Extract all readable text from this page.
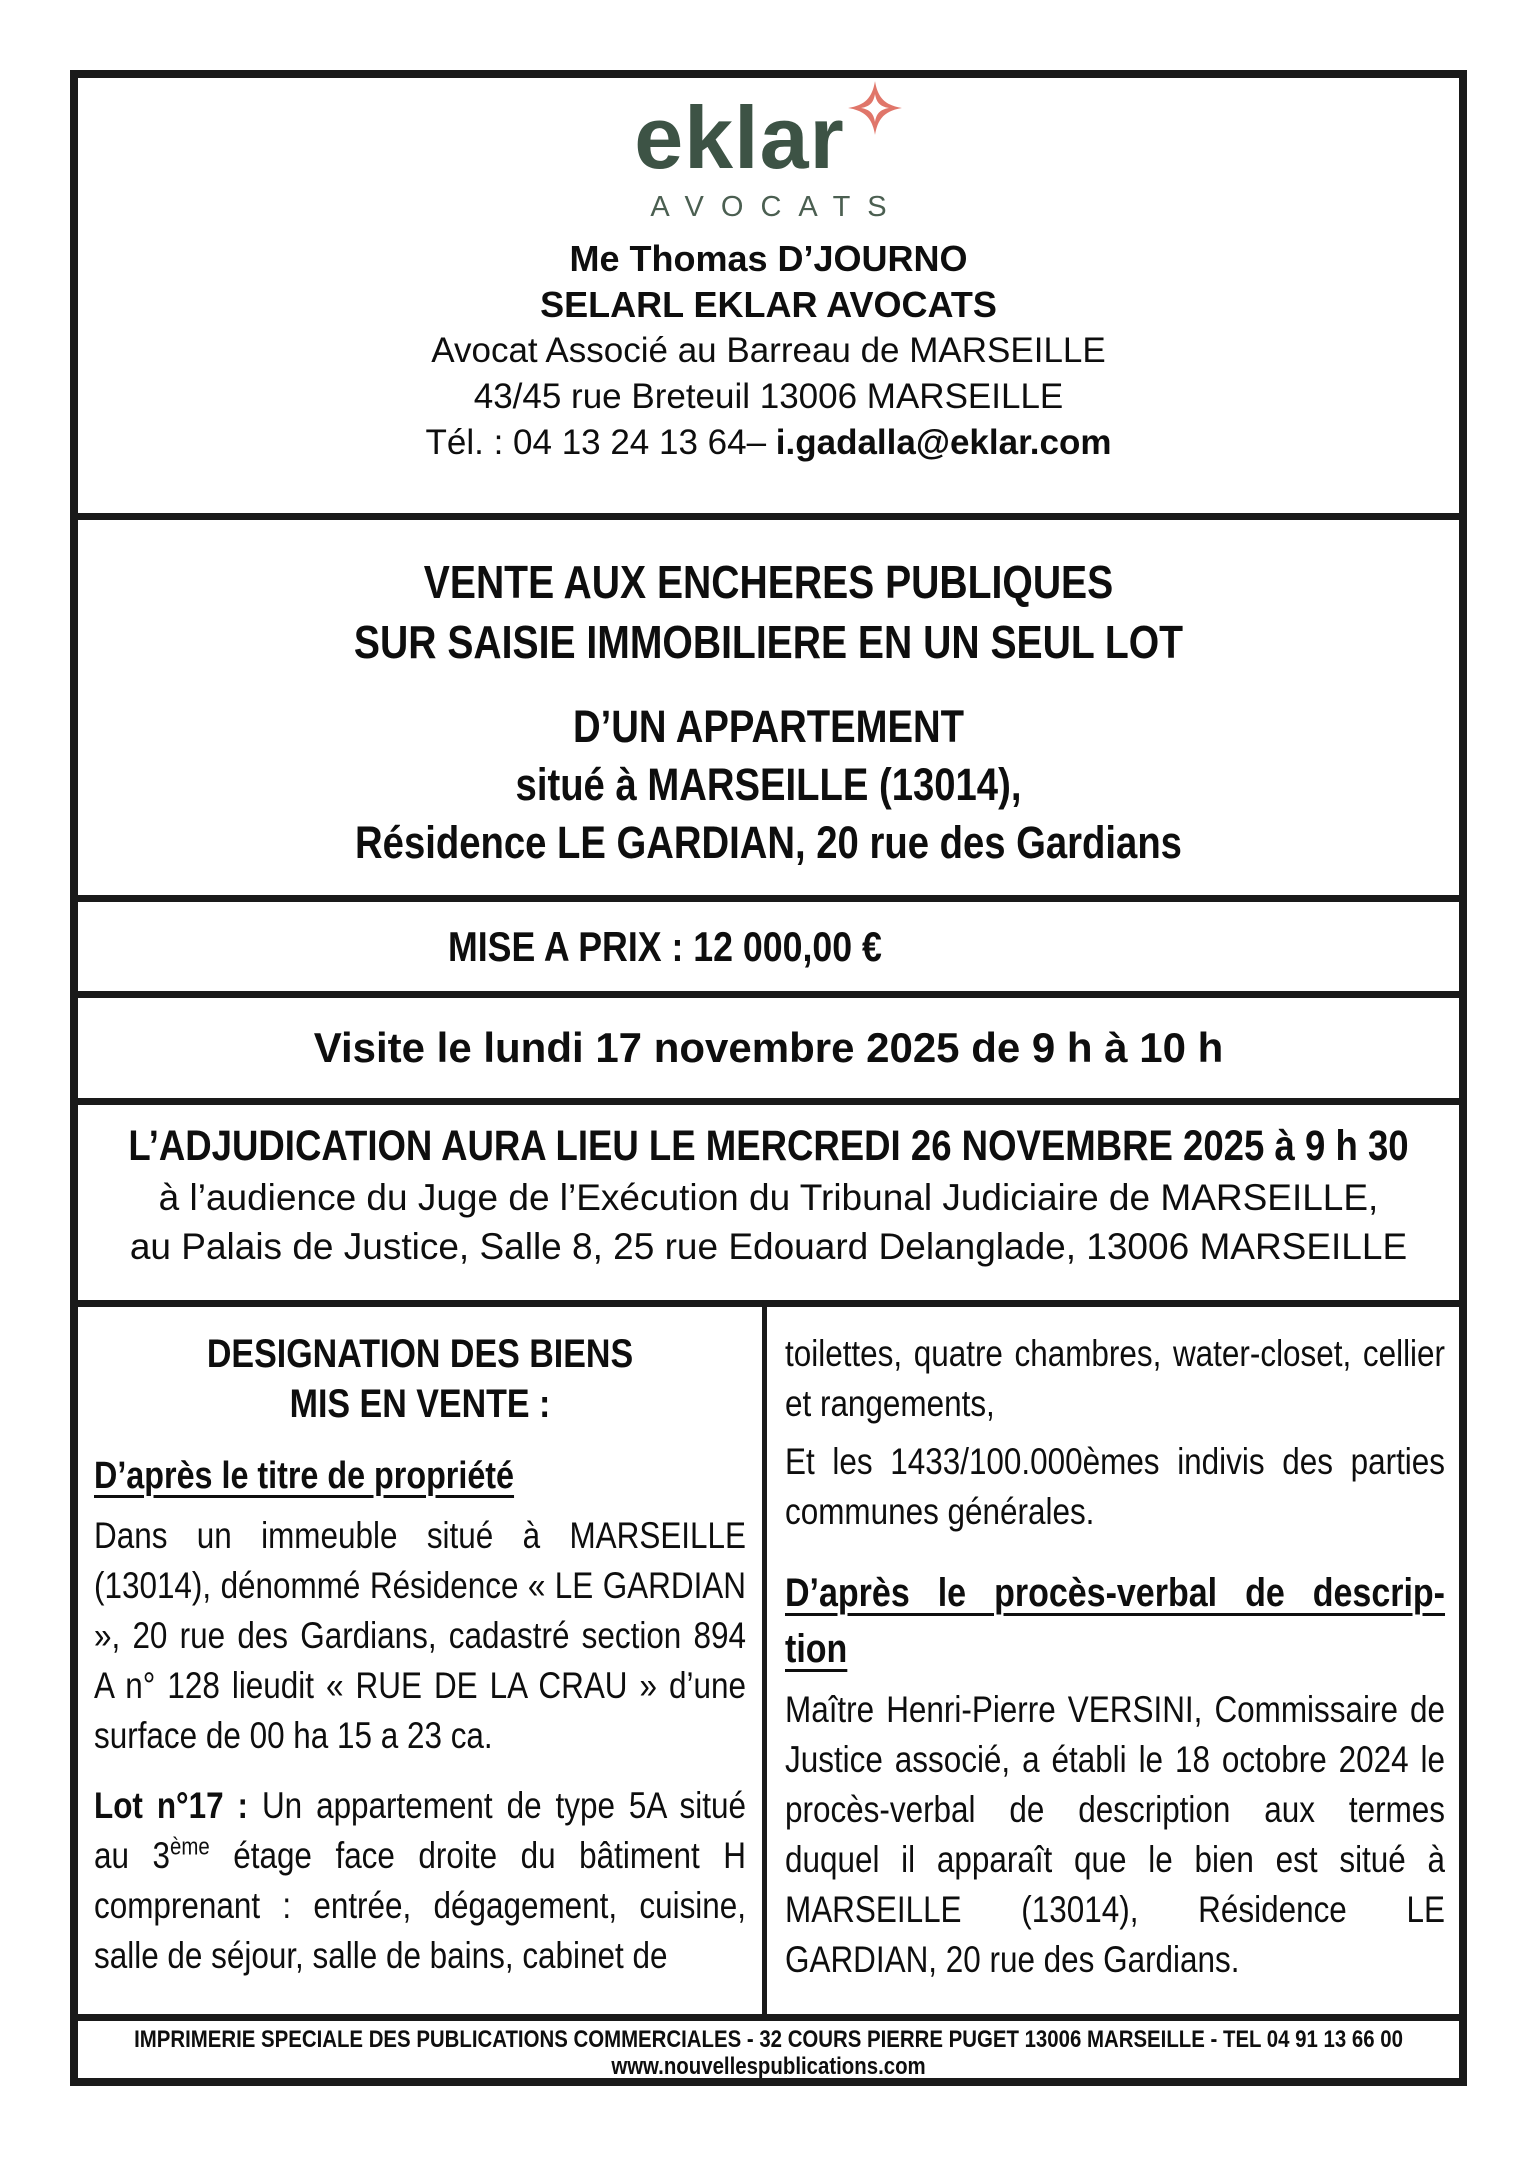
eklar
AVOCATS
Me Thomas D’JOURNO
SELARL EKLAR AVOCATS
Avocat Associé au Barreau de MARSEILLE
43/45 rue Breteuil 13006 MARSEILLE
Tél. : 04 13 24 13 64– i.gadalla@eklar.com
VENTE AUX ENCHERES PUBLIQUES
SUR SAISIE IMMOBILIERE EN UN SEUL LOT
D’UN APPARTEMENT
situé à MARSEILLE (13014),
Résidence LE GARDIAN, 20 rue des Gardians
MISE A PRIX : 12 000,00 €
Visite le lundi 17 novembre 2025 de 9 h à 10 h
L’ADJUDICATION AURA LIEU LE MERCREDI 26 NOVEMBRE 2025 à 9 h 30
à l’audience du Juge de l’Exécution du Tribunal Judiciaire de MARSEILLE,
au Palais de Justice, Salle 8, 25 rue Edouard Delanglade, 13006 MARSEILLE
DESIGNATION DES BIENS
MIS EN VENTE :
D’après le titre de propriété

Dans un immeuble situé à MARSEILLE (13014), dénommé Résidence « LE GARDIAN », 20 rue des Gardians, cadastré section 894 A n° 128 lieudit « RUE DE LA CRAU » d’une surface de 00 ha 15 a 23 ca.

Lot n°17 : Un appartement de type 5A situé au 3ème étage face droite du bâtiment H comprenant : entrée, dégagement, cuisine, salle de séjour, salle de bains, cabinet de

toilettes, quatre chambres, water-closet, cellier et rangements,

Et les 1433/100.000èmes indivis des parties communes générales.

D’après le procès-verbal de descrip-
tion

Maître Henri-Pierre VERSINI, Commissaire de Justice associé, a établi le 18 octobre 2024 le procès-verbal de description aux termes duquel il apparaît que le bien est situé à MARSEILLE (13014), Résidence LE GARDIAN, 20 rue des Gardians.

IMPRIMERIE SPECIALE DES PUBLICATIONS COMMERCIALES - 32 COURS PIERRE PUGET 13006 MARSEILLE - TEL 04 91 13 66 00
www.nouvellespublications.com
